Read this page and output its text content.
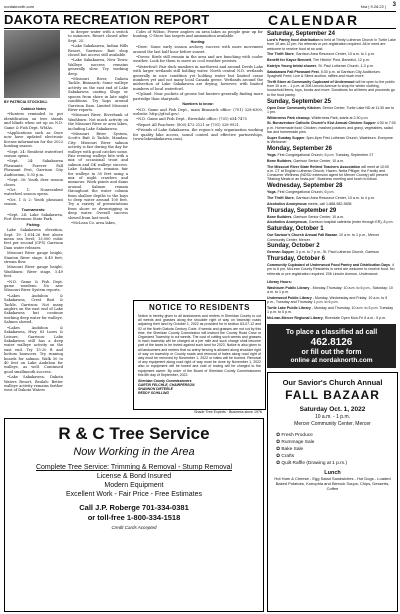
nordaknorth.com	Nra | 9.26.22 | 3
DAKOTA RECREATION REPORT	CALENDAR
BY PATRICIA STOCKDILL

Outdoor Notes

•Hunters reminded to put identification on tree stands and blinds when set up on N.D. Game & Fish Dept. WMAs.

•Applications such as Once now have updated electronic license information for the 2022 hunting season.

•Sept. 24: Resident waterfowl season opens.

•Sept. 24: Sakakawea Pheasants Forever Fall Pheasant Fest, Garrison City Auditorium, 5:30 p.m.

•Sept. 30: Youth deer season closes.

•Oct. 1: Nonresident waterfowl season opens.

•Oct. 1 & 2: Youth pheasant season.

Tournaments:

•Sept. 24: Lake Sakakawea, Fort Stevenson State Park.

Fishing:

Lake Sakakawea elevation, Sept. 19: 1,814.26 feet above mean sea level; 13,000 cubic feet per second (CFS) Garrison Dam water releases.

Missouri River gauge height, Stanton River stage, 6.49 feet; stream flow.

Missouri River gauge height, Washburn: River stage, 5.49 feet.

•N.D. Game & Fish Dept. game wardens: No new Missouri River System reports.

•Lakes Audubon & Sakakawea, Crest Bait & Tackle, Garrison: Not many anglers on the east end of Lake Sakakawea but continue working deep water for walleye. Salmon slowed.

•Lakes Audubon & Sakakawea, Hwy. 83 Lures & Leisure, Garrison: Lake Sakakawea still has a deep water walleye activity on the east end. Try 15-20 ft and bottom bouncers. Try running boards for salmon. Walk 30 to 40 feet on Lake Audubon for walleye, as well. Continued good smallmouth success.

•Lake Sakakawea, Dakota Waters Resort, Beulah: Better walleye activity remains farther west of Dakota Waters

in deeper water with a switch to minnows. Resort closed after Sept. 25.

•Lake Sakakawea, Indian Hills Resort, Garrison: Bait shop closed but access still available.

•Lake Sakakawea, New Town: Walleye success remains generally slow. Try working deep.

•Missouri River, Dakota Tackle, Bismarck: Some walleye activity on the east end of Lake Sakakawea casting Slugo or spoons from shore in late night conditions. Try hops around Garrison Dam. Limited Missouri River reports.

•Missouri River, Riverbank of Washburn: Not much activity on the Missouri River or area lakes, including Lake Sakakawea.

•Missouri River System, Scott's Bait & Tackle, Mandan: City: Missouri River salmon activity is fair during the day for walleye with good catches some. Fair evening walleye bite with a mix of occasional trout and salmon and OK walleye success. Lake Sakakawea remains fair for walleye in 30 feet using a mix of night crawlers and minnows. Work points and dams around. Salmon remain throughout the water column from shallow depths to the bays to deep water around 100 feet. Try a variety of presentations from shore or downrigging in deep water. Overall success slowed from last week.

•McLean Co. area lakes,

Coles of Wilton: Fewer anglers on area lakes as people gear up for hunting. C-Store has targets and ammunition available.

Hunting:

•Deer: Some early season archery success with more movement around the last half hour before sunset.

•Doves: Birds still remain in the area and are bunching with cooler weather. Look for them to move as cool weather persists.

•Waterfowl: Fair duck numbers in northwest and around Devils Lake with larger wetlands still holding water. North central N.D. wetlands generally in nice condition yet holding water but limited crane numbers yet and not many local Canada geese. Wetlands around the midsection of Lake Sakakawea are drying, however, with limited numbers of local waterfowl.

•Upland: Near pockets of grouse but hunters generally finding more partridge than sharptails.

Numbers to know:

•N.D. Game and Fish Dept., main Bismarck office: (701) 328-6300, website: http://gf.nd.gov/.

•N.D. Game and Fish Dept., Riverdale office: (701) 654-7475

•Report All Poachers: (800) 472-2121 or (701) 328-9921.

•Friends of Lake Sakakawea, the region's only organization working for quality lake access, sound control and effective partnerships, (www.lakesakakawea.com).

NOTICE TO RESIDENTS
Notice is hereby given to all landowners and renters in Sheridan County to cut all weeds and grasses along the shoulder right of way on township roads adjoining their land by October 1, 2022 as provided for in section 63-07-12 and 02 of the North Dakota Century Code. If weeds and grasses are not cut by this time, the Sheridan County Commission will instruct the County Road Crew or Organized Township to cut weeds. The cost of cutting such weeds and grasses in each township will be charged at a per mile and such charge shall become part of the taxes to be levied against such land for 2023. Notice is also given to all landowners and renters that no artery fencing is allowed along shoulder right of way on township or County roads and removal of bales along road right of way must be removed by November 1, 2022 or bales will be burned. Removal of any equipment along road right of way must be done by November 1, 2022 also or equipment will be towed and cost of towing will be charged to the equipment owner. By order of the Board of Sheridan County Commissioners this 6th day of September, 2022.
Sheridan County Commissioners
GARTIN FELCHLE, CHAIRPERSON
SHANNON DIETERLE
REDDY SCHILLING
Saturday, September 24

Lord's Pantry food distribution is held at Trinity Lutheran Church in Turtle Lake from 10 am-12 pm. No referrals or pre-registration required. All in need are welcome to receive food at no cost.

The Thrift Store, Garrison Area Resource Center, 10 a.m. to 1 p.m.

Benefit for Kayce Bennett, The Hitchin' Post, Benedict, 12 p.m.

Katelyn Young bridal shower, St. Paul Lutheran Church, 1-3 p.m.

Sakakawea Fall Pheasant Fest, 5:30 p.m. at Garrison City Auditorium. Spaghetti Feed, Live & Silent auction, raffles and much more.

Thrift Store at Community Cupboard of Underwood will be open to the public from 10 a.m. - 1 p.m. at 206 Lincoln Avenue to shop for winter clothing, household items, toys, books and more. Donations for all items and proceeds go to the food pantry.

Sunday, September 25

Open Door Community Kitchen, Senior Center, Turtle Lake ND at 11:30 am to 1 pm.

Wilderness Park cleanup, Wilderness Park, starts at 2:30 p.m.

St. Bonaventure Catholic Church's 91st Annual Chicken Supper 4:30 to 7:00 p.m. Homemade food; Chicken, mashed potatoes and gravy, vegetables, salad bar and homemade pies.

Super Sunday Supper, 5pm-6pm First Lutheran Church, Washburn. Everyone is Welcome!

Monday, September 26

Yoga, First Congregational Church, 6 p.m. Tuesday, September 27

Bone Builders, Garrison Senior Center, 10 a.m.

The Missouri River State Retired Teachers Association will meet at 10:00 a.m. CT at English Lutheran Church, Hazen. Netta Pflüger, the Family and Consumer Wellness (NDSU extension agent for Mercer County) will present "Making Meals in an Insta-pot". Business meeting and lunch to follow.

Wednesday, September 28

Yoga, First Congregational Church, 6 p.m.

The Thrift Store, Garrison Area Resource Center, 10 a.m. to 4 p.m.

Alcoholics Anonymous meets, call 1-888-982-5835

Thursday, September 29

Bone Builders, Garrison Senior Center, 10 a.m.

Alcoholics Anonymous, Garrison hospital cafeteria (enter through ER), 8 p.m.

Saturday, October 1

Our Saviour's Church Annual Fall Bazaar, 10 a.m. to 1 p.m., Mercer Community Center, Mercer.

Sunday, October 2

German Supper, 3 p.m. to 7 p.m., St. Paul Lutheran Church, Garrison

Thursday, October 6

Community Cupboard of Underwood Food Pantry and Distribution Days. 4 pm to 6 pm, McLean County Residents in need are welcome to receive food. No referrals or pre-registration required. 206 Lincoln Avenue, Underwood.

Library Hours:

Washburn Public Library - Monday-Thursday: 10 a.m. to 6 p.m., Saturday: 10 a.m. to 1 p.m.

Underwood Public Library - Monday, Wednesday and Friday: 10 a.m. to 5 p.m., Tuesday and Thursday 1 p.m. to 6 p.m.

Turtle Lake Public Library - Monday and Thursday, 10 a.m. to 5 p.m. Tuesday 1 p.m. to 5 p.m.

McLean-Mercer Regional Library, Riverdale Open Mon-Fri 8 a.m.- 5 p.m.

To place a classified ad call
462.8126
or fill out the form
online at nordaknorth.com
Shade Tree Experts · Business since 1976
R & C Tree Service
Now Working in the Area
Complete Tree Service: Trimming & Removal - Stump Removal
License & Bond Insured
Modern Equipment
Excellent Work - Fair Price - Free Estimates
Call J.P. Roberge 701-334-0381
or toll-free 1-800-334-1518
Credit Cards Accepted
Our Savior's Church Annual
FALL BAZAAR
Saturday Oct. 1, 2022
10 a.m. - 1 p.m.
Mercer Community Center, Mercer
✿ Fresh Produce
✿ Rummage Sale
✿ Bake Sale
✿ Crafts
✿ Quilt Raffle (Drawing at 1 p.m.)
Lunch
Hot Ham & Cheese - Egg Salad Sandwiches - Hot Dogs - Loaded Baked Potatoes, Kneophla and Bierock Soups, Chips, Desserts, Coffee
